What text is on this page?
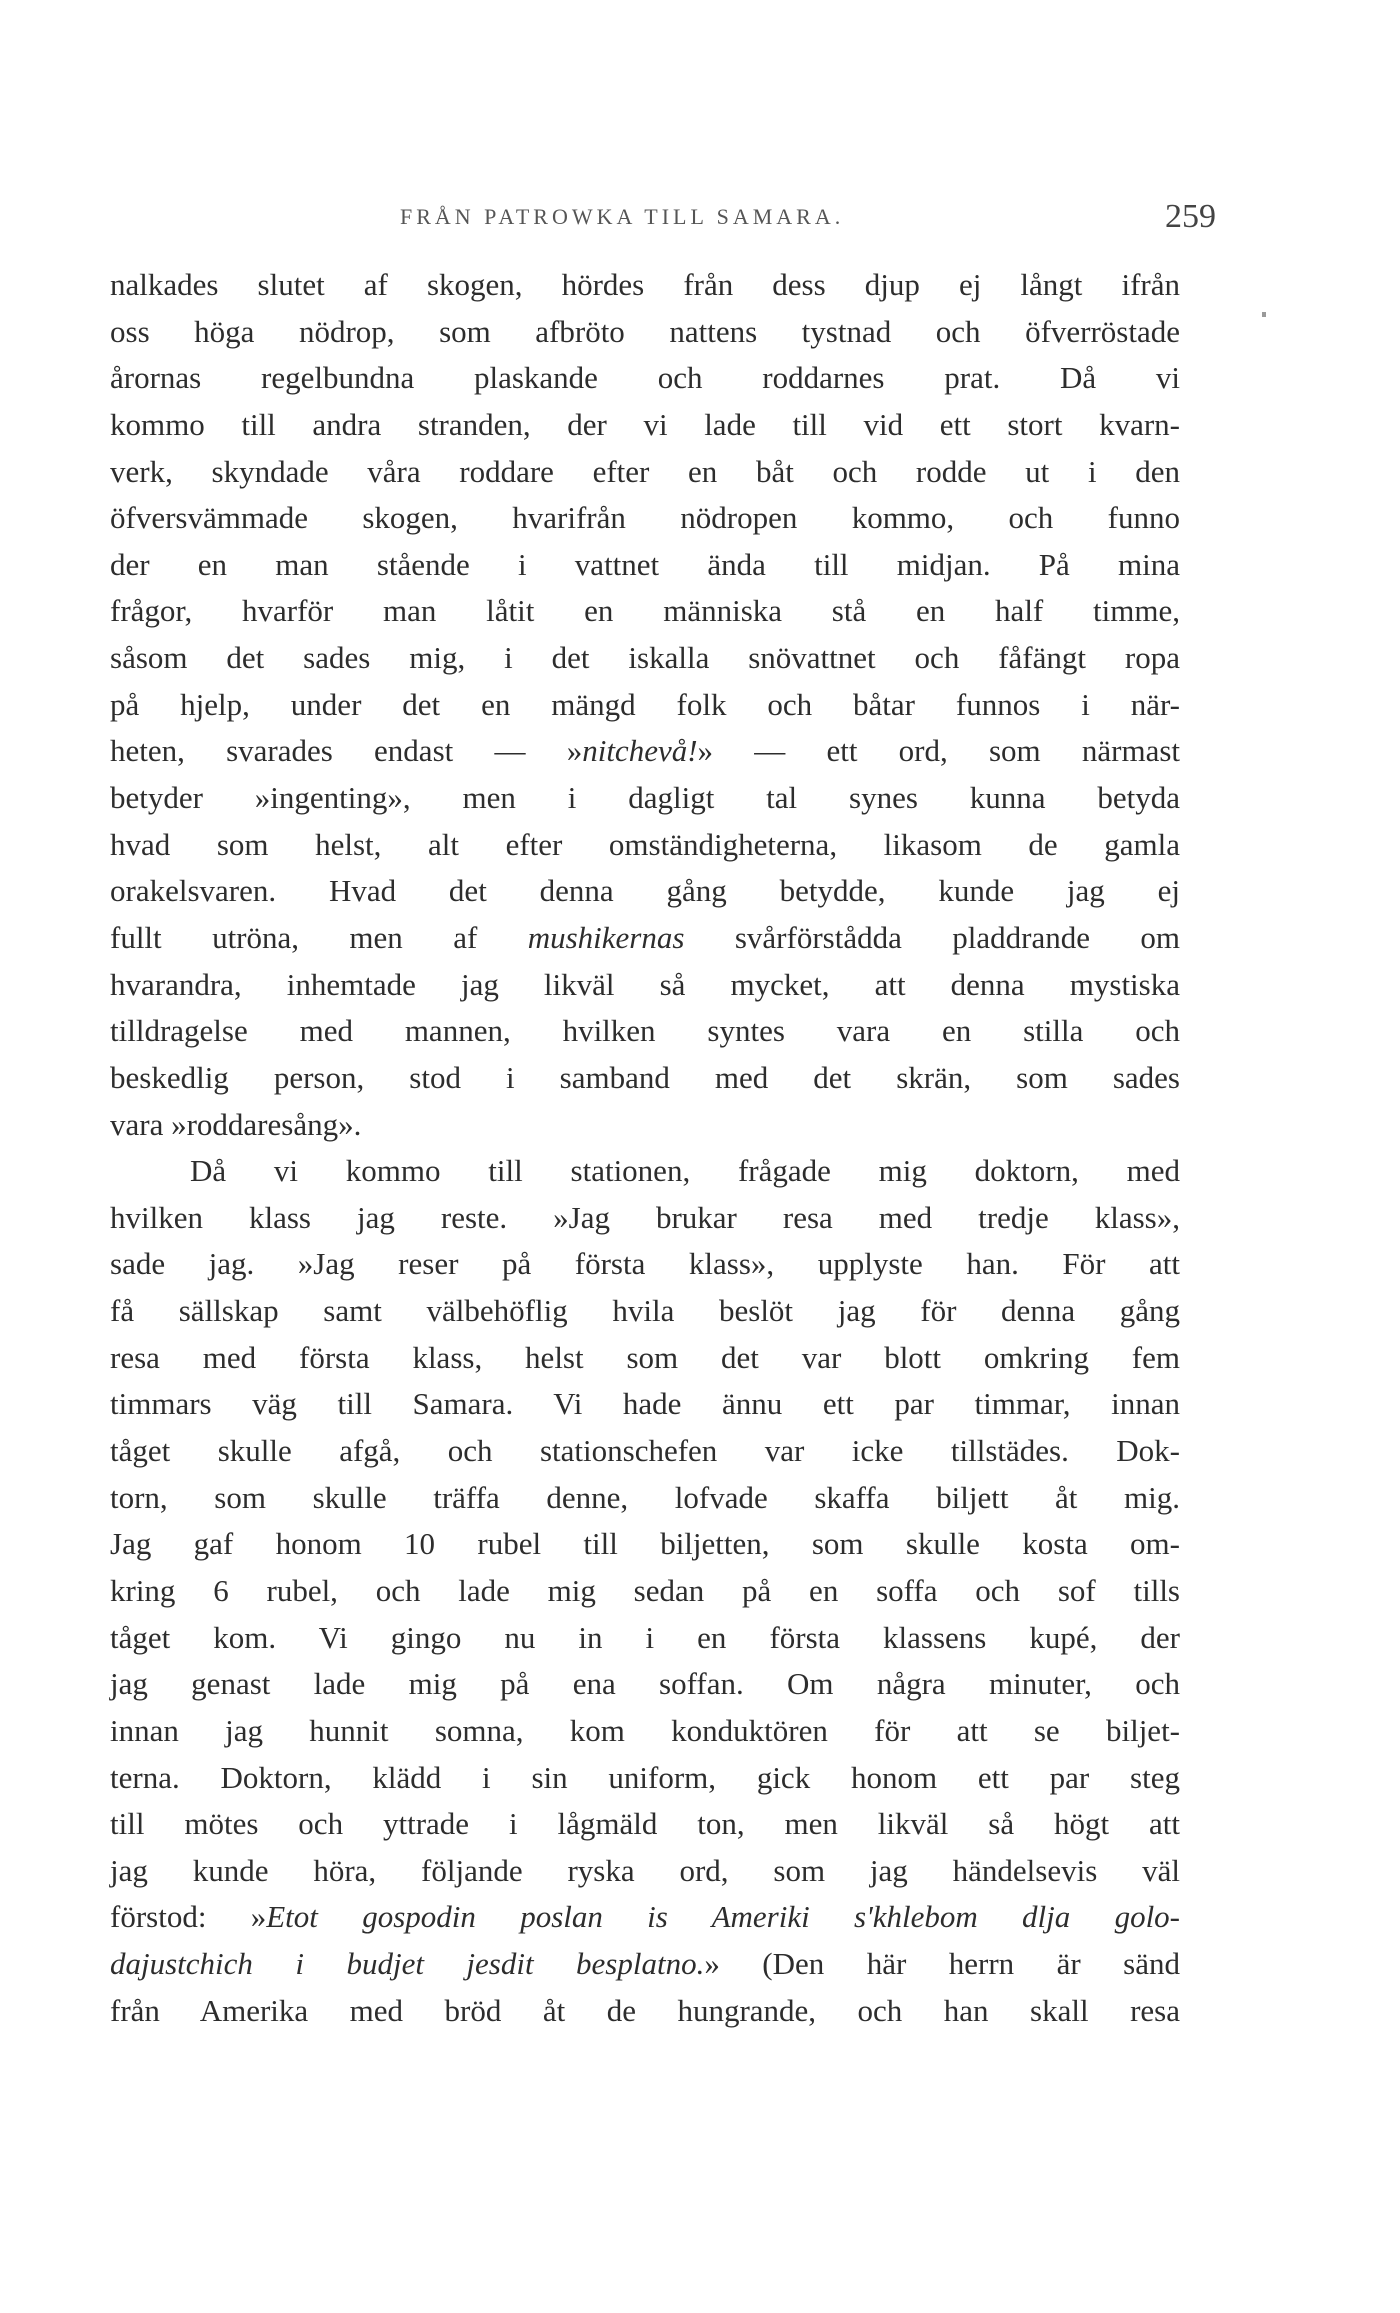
FRÅN PATROWKA TILL SAMARA.	259
nalkades slutet af skogen, hördes från dess djup ej långt ifrån
oss höga nödrop, som afbröto nattens tystnad och öfverröstade
årornas regelbundna plaskande och roddarnes prat. Då vi
kommo till andra stranden, der vi lade till vid ett stort kvarn-
verk, skyndade våra roddare efter en båt och rodde ut i den
öfversvämmade skogen, hvarifrån nödropen kommo, och funno
der en man stående i vattnet ända till midjan. På mina
frågor, hvarför man låtit en människa stå en half timme,
såsom det sades mig, i det iskalla snövattnet och fåfängt ropa
på hjelp, under det en mängd folk och båtar funnos i när-
heten, svarades endast — »nitchevå!» — ett ord, som närmast
betyder »ingenting», men i dagligt tal synes kunna betyda
hvad som helst, alt efter omständigheterna, likasom de gamla
orakelsvaren. Hvad det denna gång betydde, kunde jag ej
fullt utröna, men af mushikernas svårförstådda pladdrande om
hvarandra, inhemtade jag likväl så mycket, att denna mystiska
tilldragelse med mannen, hvilken syntes vara en stilla och
beskedlig person, stod i samband med det skrän, som sades
vara »roddaresång».
Då vi kommo till stationen, frågade mig doktorn, med
hvilken klass jag reste. »Jag brukar resa med tredje klass»,
sade jag. »Jag reser på första klass», upplyste han. För att
få sällskap samt välbehöflig hvila beslöt jag för denna gång
resa med första klass, helst som det var blott omkring fem
timmars väg till Samara. Vi hade ännu ett par timmar, innan
tåget skulle afgå, och stationschefen var icke tillstädes. Dok-
torn, som skulle träffa denne, lofvade skaffa biljett åt mig.
Jag gaf honom 10 rubel till biljetten, som skulle kosta om-
kring 6 rubel, och lade mig sedan på en soffa och sof tills
tåget kom. Vi gingo nu in i en första klassens kupé, der
jag genast lade mig på ena soffan. Om några minuter, och
innan jag hunnit somna, kom konduktören för att se biljet-
terna. Doktorn, klädd i sin uniform, gick honom ett par steg
till mötes och yttrade i lågmäld ton, men likväl så högt att
jag kunde höra, följande ryska ord, som jag händelsevis väl
förstod: »Etot gospodin poslan is Ameriki s'khlebom dlja golo-
dajustchich i budjet jesdit besplatno.» (Den här herrn är sänd
från Amerika med bröd åt de hungrande, och han skall resa
